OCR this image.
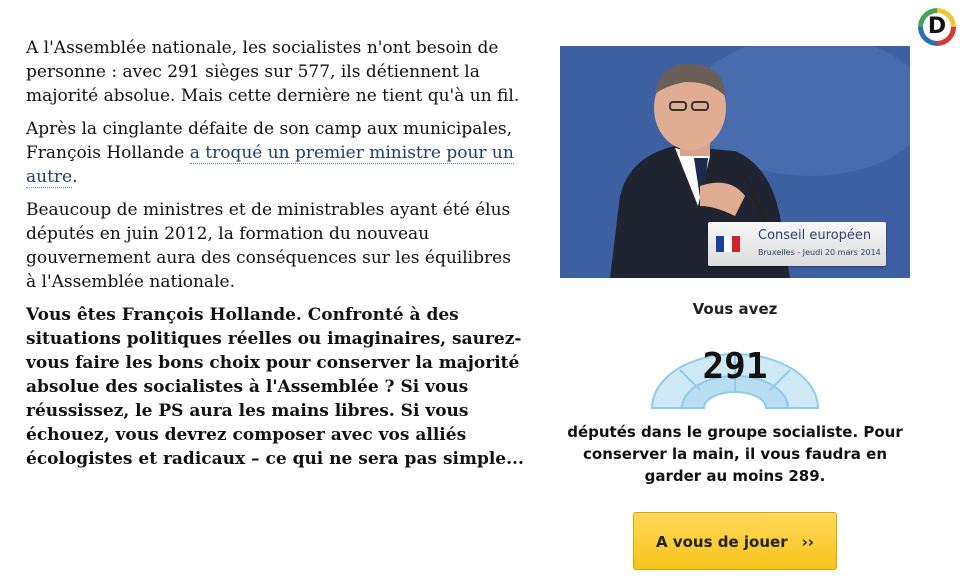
A l'Assemblée nationale, les socialistes n'ont besoin de personne : avec 291 sièges sur 577, ils détiennent la majorité absolue. Mais cette dernière ne tient qu'à un fil.

Après la cinglante défaite de son camp aux municipales, François Hollande a troqué un premier ministre pour un autre.

Beaucoup de ministres et de ministrables ayant été élus députés en juin 2012, la formation du nouveau gouvernement aura des conséquences sur les équilibres à l'Assemblée nationale.

Vous êtes François Hollande. Confronté à des situations politiques réelles ou imaginaires, saurez-vous faire les bons choix pour conserver la majorité absolue des socialistes à l'Assemblée ? Si vous réussissez, le PS aura les mains libres. Si vous échouez, vous devrez composer avec vos alliés écologistes et radicaux – ce qui ne sera pas simple...

D
Conseil européen
Bruxelles - Jeudi 20 mars 2014
Vous avez
291
députés dans le groupe socialiste. Pour conserver la main, il vous faudra en garder au moins 289.
A vous de jouer ››
